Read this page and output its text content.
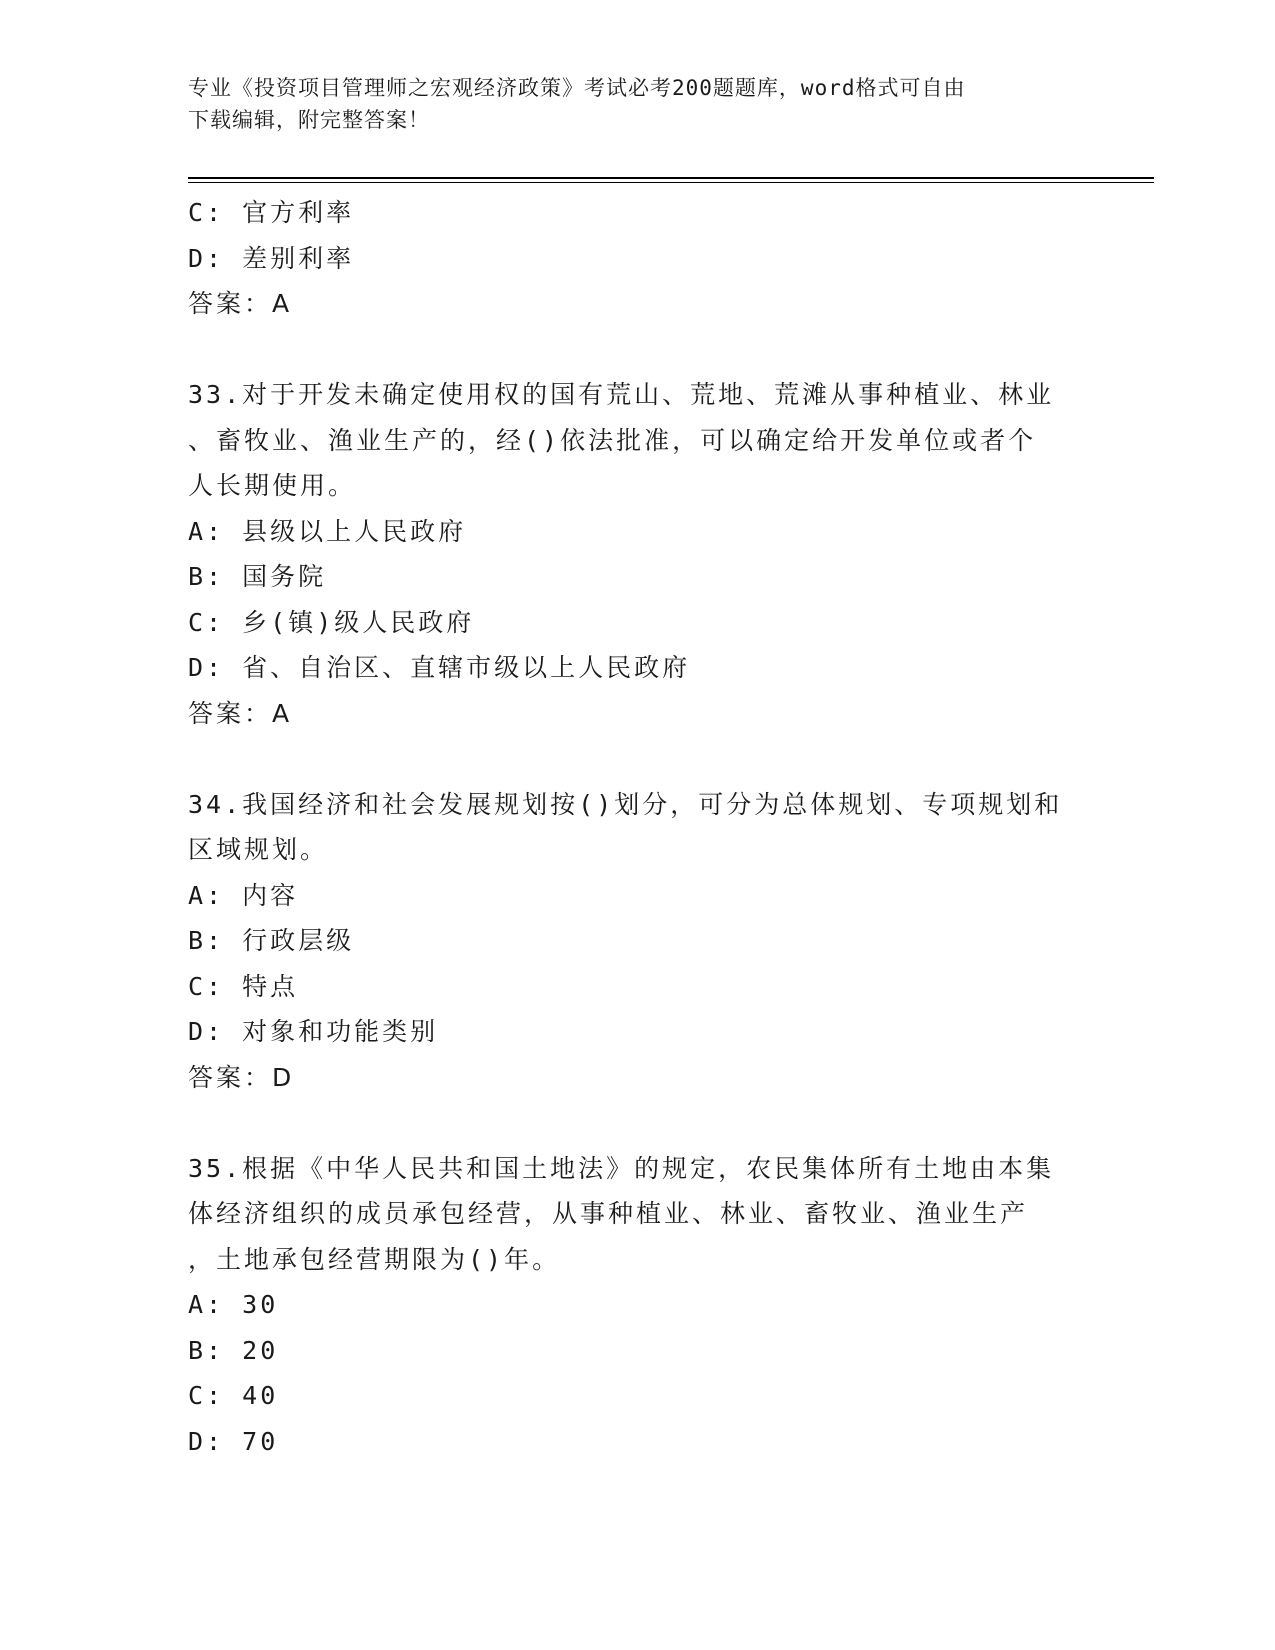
专业《投资项目管理师之宏观经济政策》考试必考200题题库，word格式可自由
下载编辑，附完整答案！
C: 官方利率
D: 差别利率
答案：A
33.对于开发未确定使用权的国有荒山、荒地、荒滩从事种植业、林业
、畜牧业、渔业生产的，经()依法批准，可以确定给开发单位或者个
人长期使用。
A: 县级以上人民政府
B: 国务院
C: 乡(镇)级人民政府
D: 省、自治区、直辖市级以上人民政府
答案：A
34.我国经济和社会发展规划按()划分，可分为总体规划、专项规划和
区域规划。
A: 内容
B: 行政层级
C: 特点
D: 对象和功能类别
答案：D
35.根据《中华人民共和国土地法》的规定，农民集体所有土地由本集
体经济组织的成员承包经营，从事种植业、林业、畜牧业、渔业生产
，土地承包经营期限为()年。
A: 30
B: 20
C: 40
D: 70
